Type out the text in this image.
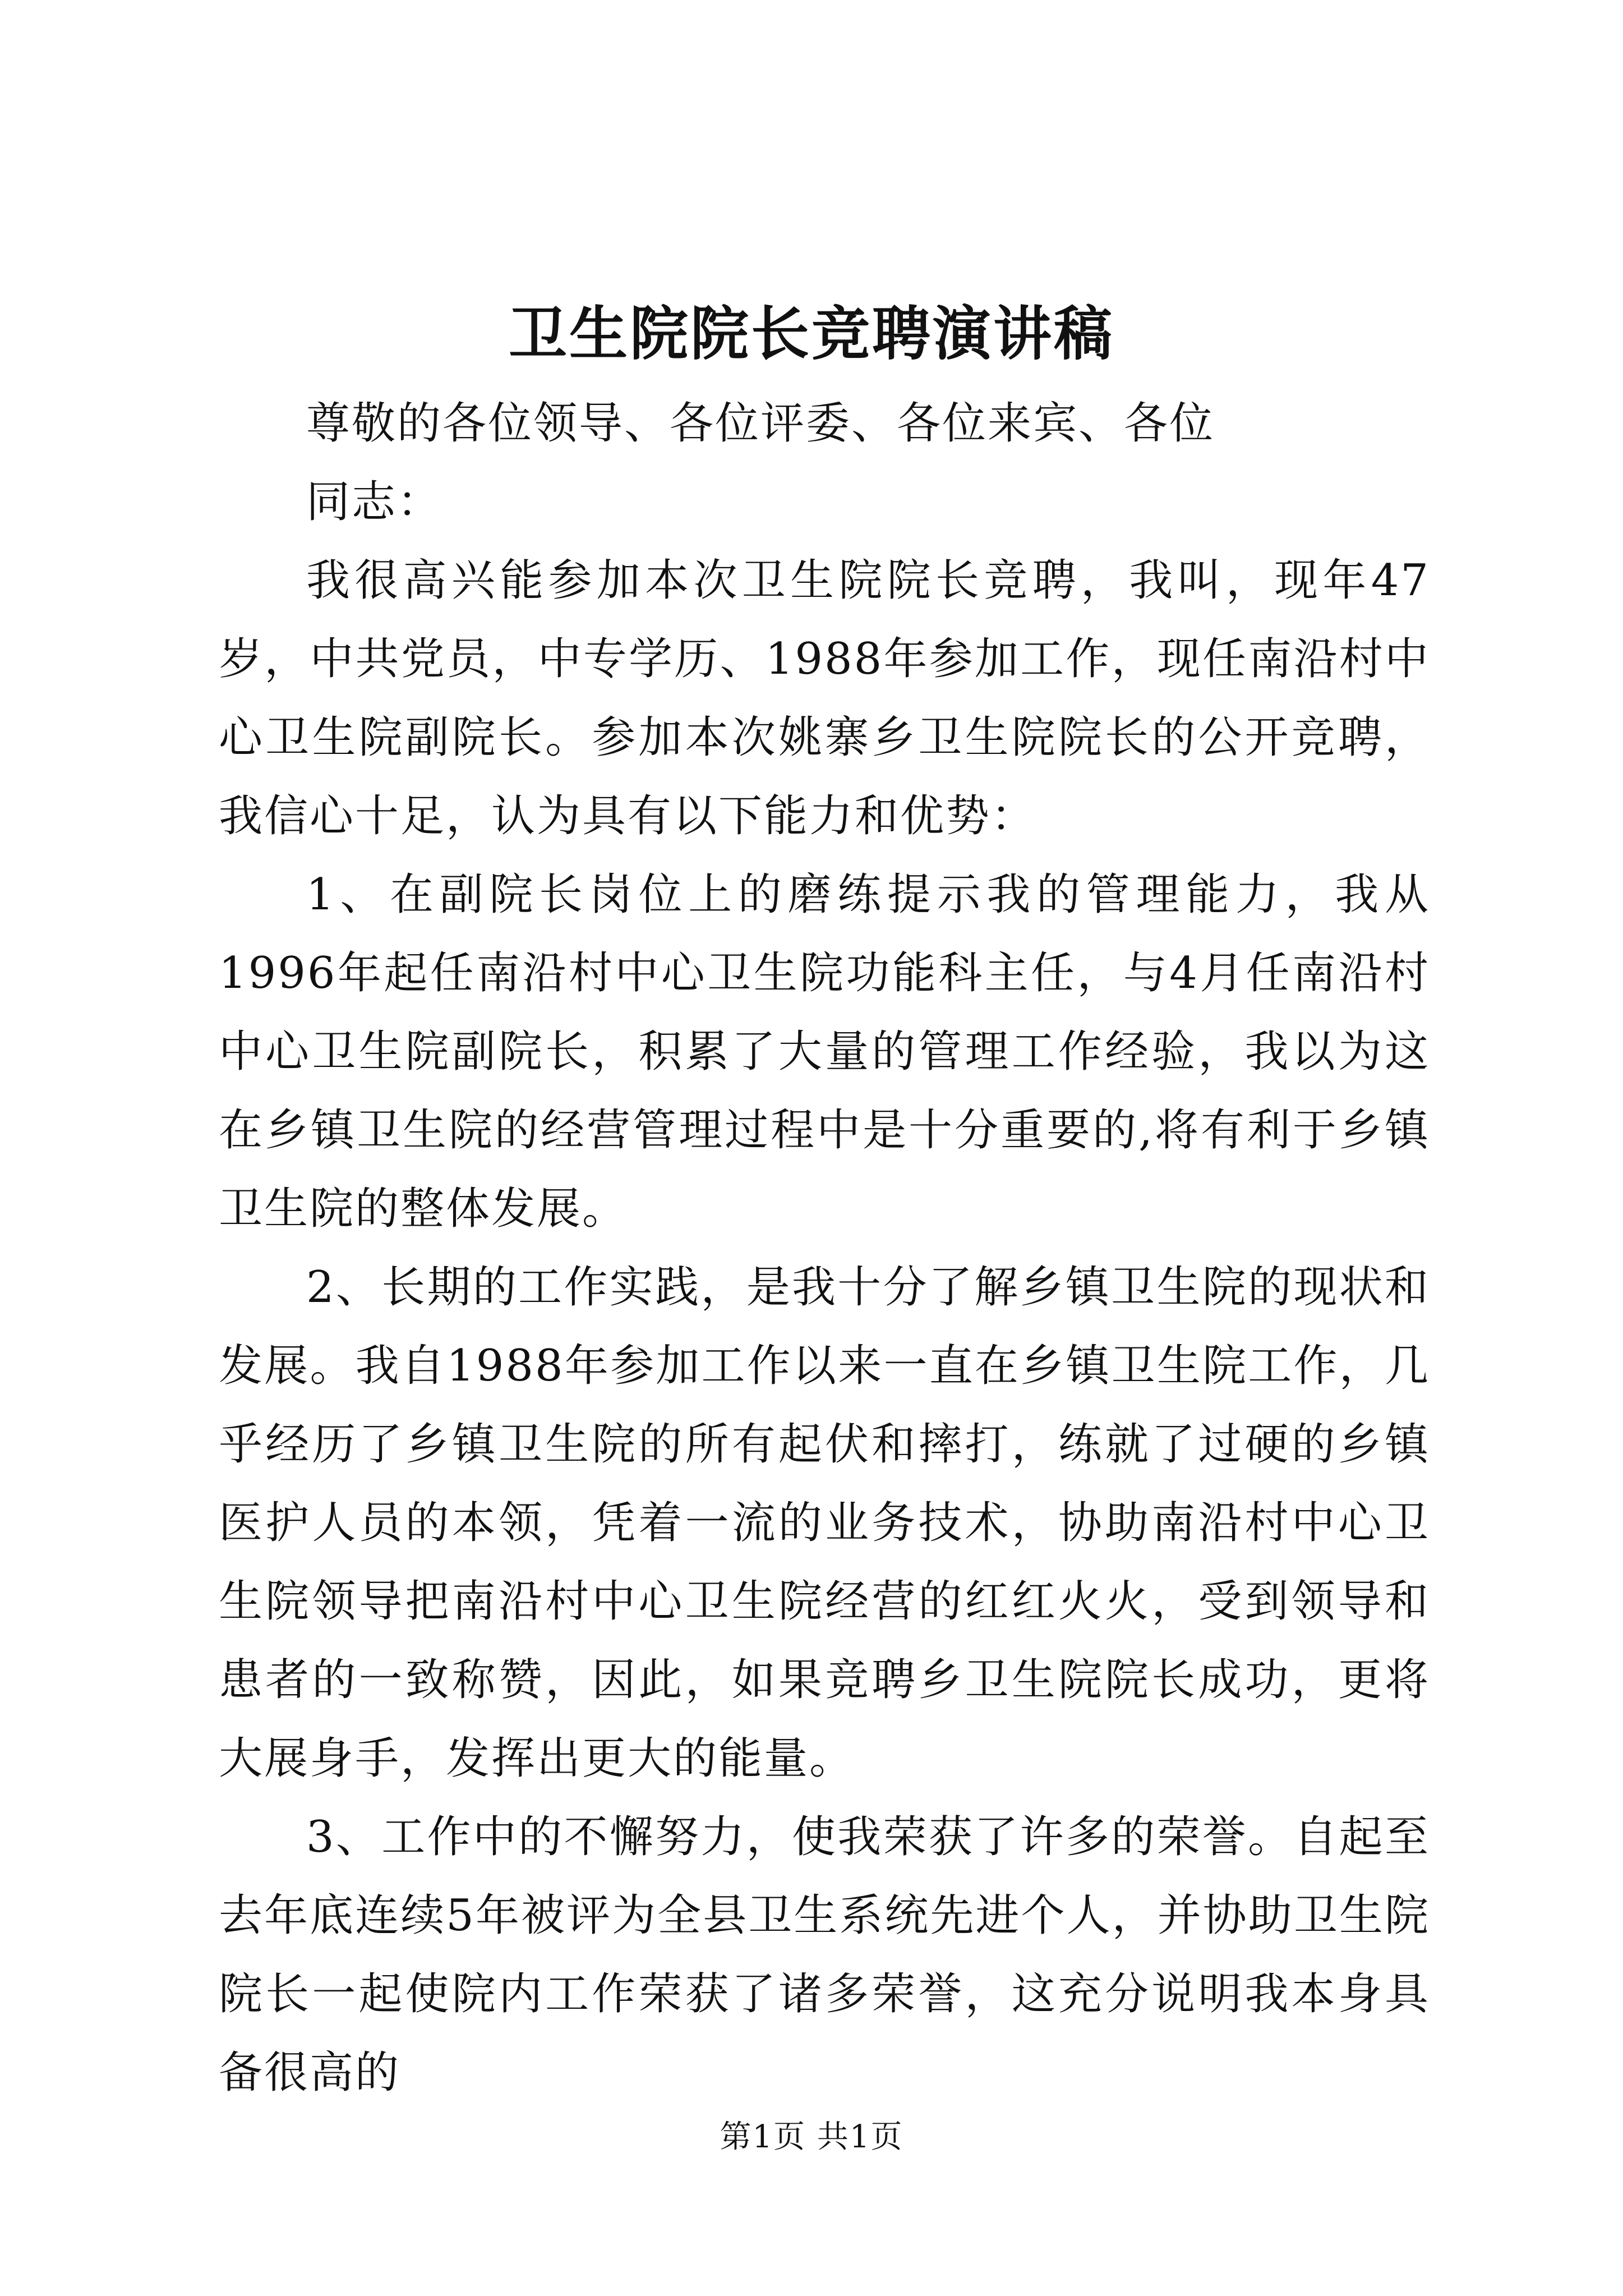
卫生院院长竞聘演讲稿

尊敬的各位领导、各位评委、各位来宾、各位

同志：

我很高兴能参加本次卫生院院长竞聘，我叫，现年47岁，中共党员，中专学历、1988年参加工作，现任南沿村中心卫生院副院长。参加本次姚寨乡卫生院院长的公开竞聘，我信心十足，认为具有以下能力和优势：

1、在副院长岗位上的磨练提示我的管理能力，我从1996年起任南沿村中心卫生院功能科主任，与4月任南沿村中心卫生院副院长，积累了大量的管理工作经验，我以为这在乡镇卫生院的经营管理过程中是十分重要的,将有利于乡镇卫生院的整体发展。

2、长期的工作实践，是我十分了解乡镇卫生院的现状和发展。我自1988年参加工作以来一直在乡镇卫生院工作，几乎经历了乡镇卫生院的所有起伏和摔打，练就了过硬的乡镇医护人员的本领，凭着一流的业务技术，协助南沿村中心卫生院领导把南沿村中心卫生院经营的红红火火，受到领导和患者的一致称赞，因此，如果竞聘乡卫生院院长成功，更将大展身手，发挥出更大的能量。

3、工作中的不懈努力，使我荣获了许多的荣誉。自起至去年底连续5年被评为全县卫生系统先进个人，并协助卫生院院长一起使院内工作荣获了诸多荣誉，这充分说明我本身具备很高的

第1页 共1页
